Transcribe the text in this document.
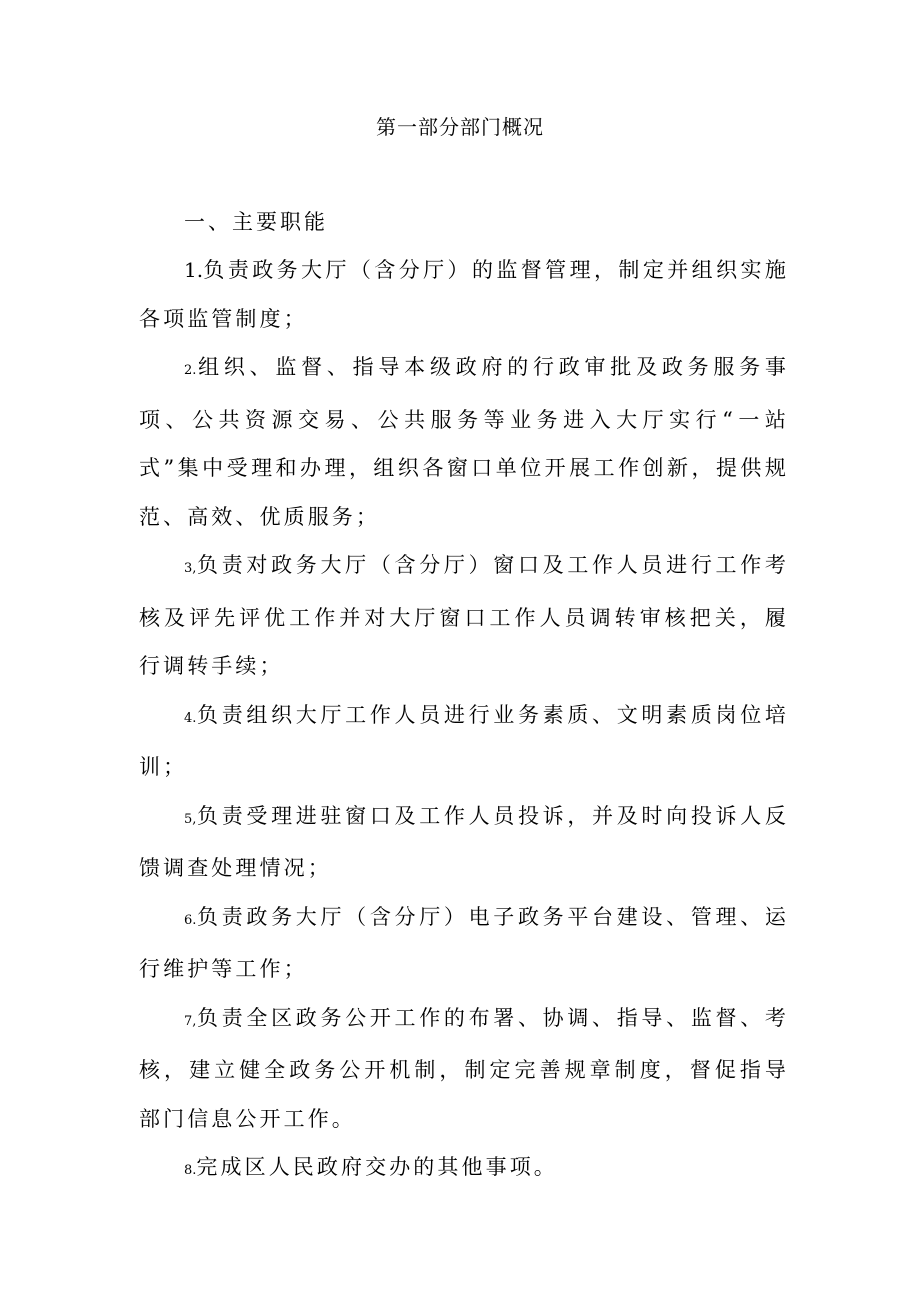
第一部分部门概况

一、主要职能

1.负责政务大厅（含分厅）的监督管理，制定并组织实施各项监管制度；

2.组织、监督、指导本级政府的行政审批及政务服务事项、公共资源交易、公共服务等业务进入大厅实行“一站式”集中受理和办理，组织各窗口单位开展工作创新，提供规范、高效、优质服务；

3,负责对政务大厅（含分厅）窗口及工作人员进行工作考核及评先评优工作并对大厅窗口工作人员调转审核把关，履行调转手续；

4.负责组织大厅工作人员进行业务素质、文明素质岗位培训；

5,负责受理进驻窗口及工作人员投诉，并及时向投诉人反馈调查处理情况；

6.负责政务大厅（含分厅）电子政务平台建设、管理、运行维护等工作；

7,负责全区政务公开工作的布署、协调、指导、监督、考核，建立健全政务公开机制，制定完善规章制度，督促指导部门信息公开工作。

8.完成区人民政府交办的其他事项。
